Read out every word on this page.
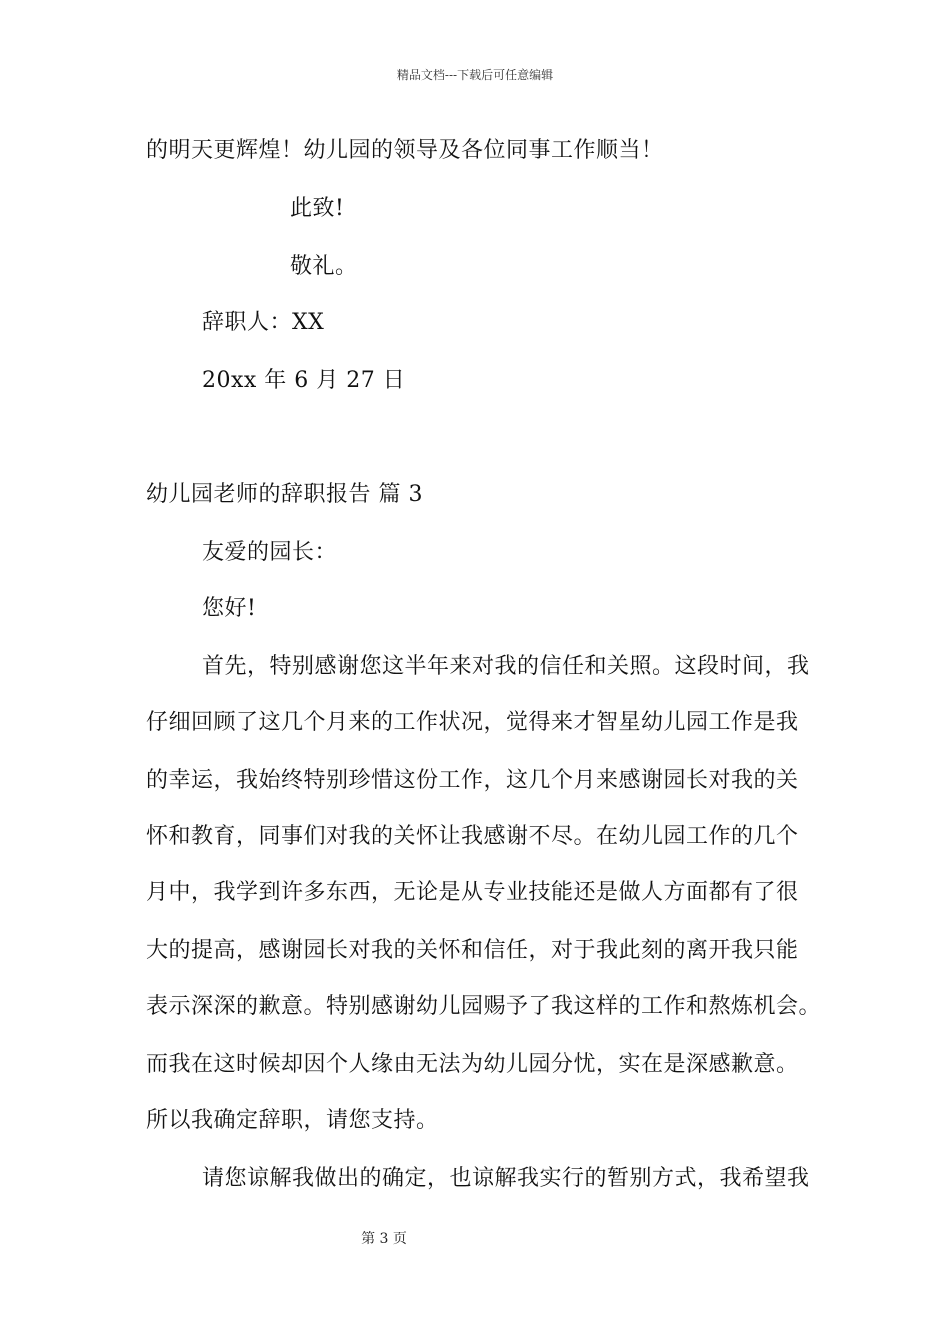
精品文档---下载后可任意编辑
的明天更辉煌！幼儿园的领导及各位同事工作顺当！
此致!
敬礼。
辞职人：XX
20xx 年 6 月 27 日
幼儿园老师的辞职报告 篇 3
友爱的园长：
您好!
首先，特别感谢您这半年来对我的信任和关照。这段时间，我
仔细回顾了这几个月来的工作状况，觉得来才智星幼儿园工作是我
的幸运，我始终特别珍惜这份工作，这几个月来感谢园长对我的关
怀和教育，同事们对我的关怀让我感谢不尽。在幼儿园工作的几个
月中，我学到许多东西，无论是从专业技能还是做人方面都有了很
大的提高，感谢园长对我的关怀和信任，对于我此刻的离开我只能
表示深深的歉意。特别感谢幼儿园赐予了我这样的工作和熬炼机会。
而我在这时候却因个人缘由无法为幼儿园分忧，实在是深感歉意。
所以我确定辞职，请您支持。
请您谅解我做出的确定，也谅解我实行的暂别方式，我希望我
第 3 页
